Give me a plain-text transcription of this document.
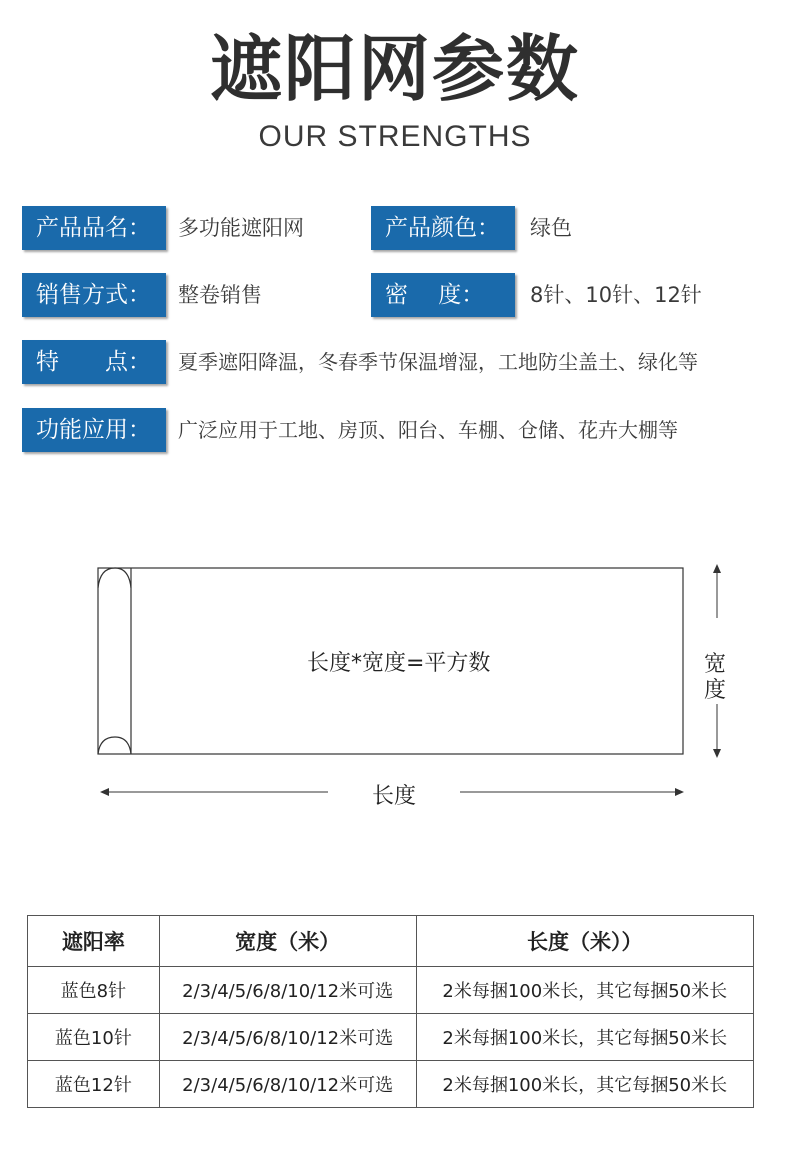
遮阳网参数
OUR STRENGTHS
产品品名：	多功能遮阳网	产品颜色：	绿色
销售方式：	整卷销售	密　 度：	8针、10针、12针
特　　点：	夏季遮阳降温，冬春季节保温增湿，工地防尘盖土、绿化等
功能应用：	广泛应用于工地、房顶、阳台、车棚、仓储、花卉大棚等
长度*宽度=平方数	宽
度
长度
遮阳率	宽度（米）	长度（米））
蓝色8针	2/3/4/5/6/8/10/12米可选	2米每捆100米长，其它每捆50米长
蓝色10针	2/3/4/5/6/8/10/12米可选	2米每捆100米长，其它每捆50米长
蓝色12针	2/3/4/5/6/8/10/12米可选	2米每捆100米长，其它每捆50米长
